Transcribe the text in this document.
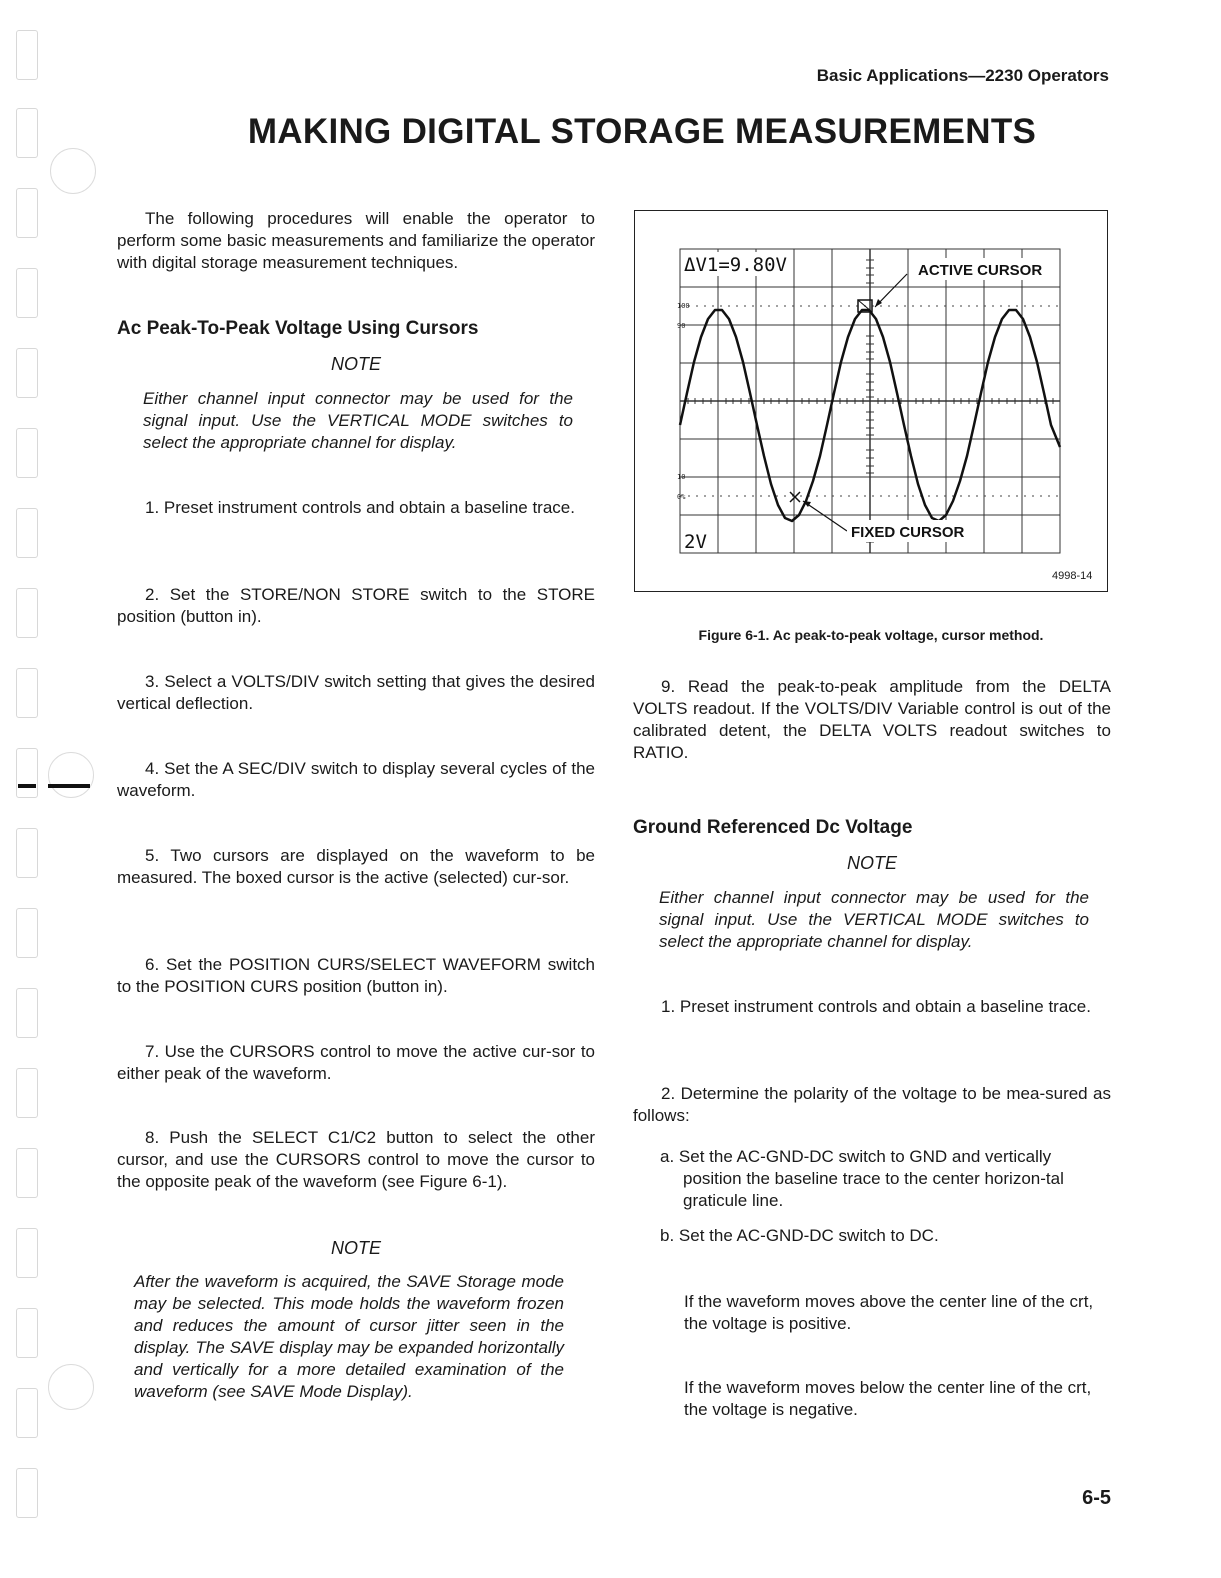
Basic Applications—2230 Operators
MAKING DIGITAL STORAGE MEASUREMENTS

The following procedures will enable the operator to perform some basic measurements and familiarize the operator with digital storage measurement techniques.

Ac Peak-To-Peak Voltage Using Cursors
NOTE
Either channel input connector may be used for the signal input. Use the VERTICAL MODE switches to select the appropriate channel for display.

1. Preset instrument controls and obtain a baseline trace.

2. Set the STORE/NON STORE switch to the STORE position (button in).

3. Select a VOLTS/DIV switch setting that gives the desired vertical deflection.

4. Set the A SEC/DIV switch to display several cycles of the waveform.

5. Two cursors are displayed on the waveform to be measured. The boxed cursor is the active (selected) cur-sor.

6. Set the POSITION CURS/SELECT WAVEFORM switch to the POSITION CURS position (button in).

7. Use the CURSORS control to move the active cur-sor to either peak of the waveform.

8. Push the SELECT C1/C2 button to select the other cursor, and use the CURSORS control to move the cursor to the opposite peak of the waveform (see Figure 6-1).

NOTE
After the waveform is acquired, the SAVE Storage mode may be selected. This mode holds the waveform frozen and reduces the amount of cursor jitter seen in the display. The SAVE display may be expanded horizontally and vertically for a more detailed examination of the waveform (see SAVE Mode Display).
ΔV1=9.80V
2V
ACTIVE CURSOR
FIXED CURSOR
100
90
10
0%
4998-14
Figure 6-1. Ac peak-to-peak voltage, cursor method.

9. Read the peak-to-peak amplitude from the DELTA VOLTS readout. If the VOLTS/DIV Variable control is out of the calibrated detent, the DELTA VOLTS readout switches to RATIO.

Ground Referenced Dc Voltage
NOTE
Either channel input connector may be used for the signal input. Use the VERTICAL MODE switches to select the appropriate channel for display.

1. Preset instrument controls and obtain a baseline trace.

2. Determine the polarity of the voltage to be mea-sured as follows:

a. Set the AC-GND-DC switch to GND and vertically position the baseline trace to the center horizon-tal graticule line.
b. Set the AC-GND-DC switch to DC.
If the waveform moves above the center line of the crt, the voltage is positive.
If the waveform moves below the center line of the crt, the voltage is negative.
6-5
